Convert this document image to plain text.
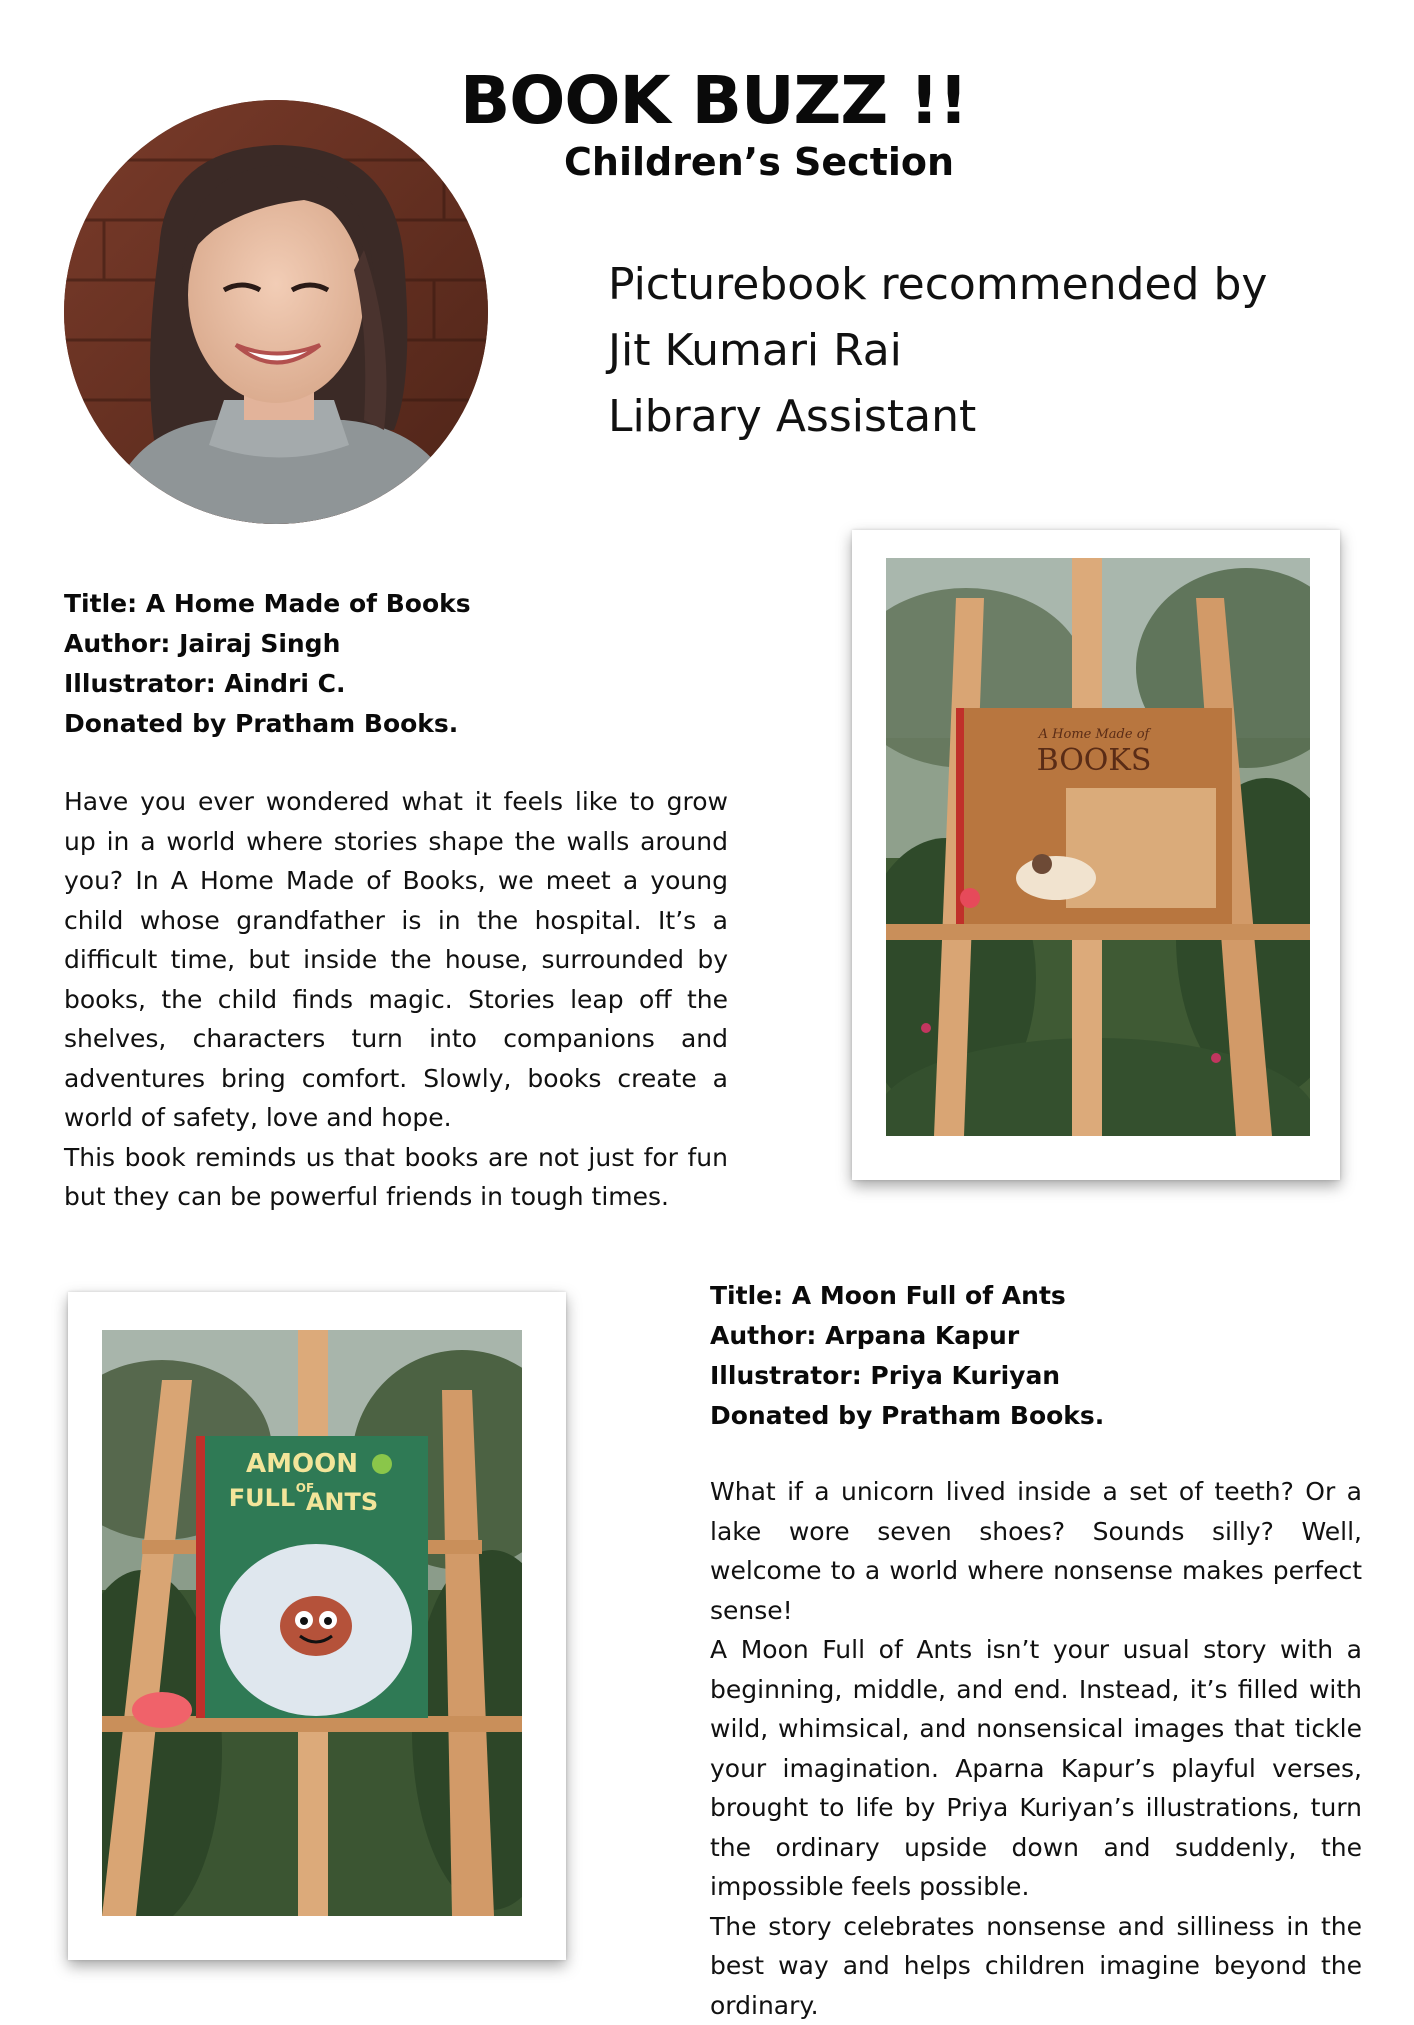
BOOK BUZZ !!
Children’s Section
Picturebook recommended by
Jit Kumari Rai
Library Assistant
Title: A Home Made of Books
Author: Jairaj Singh
Illustrator: Aindri C.
Donated by Pratham Books.

Have you ever wondered what it feels like to grow up in a world where stories shape the walls around you? In A Home Made of Books, we meet a young child whose grandfather is in the hospital. It’s a difficult time, but inside the house, surrounded by books, the child finds magic. Stories leap off the shelves, characters turn into companions and adventures bring comfort. Slowly, books create a world of safety, love and hope.

This book reminds us that books are not just for fun but they can be powerful friends in tough times.

A Home Made of
BOOKS
AMOON
FULL OF
ANTS
Title: A Moon Full of Ants
Author: Arpana Kapur
Illustrator: Priya Kuriyan
Donated by Pratham Books.

What if a unicorn lived inside a set of teeth? Or a lake wore seven shoes? Sounds silly? Well, welcome to a world where nonsense makes perfect sense!

A Moon Full of Ants isn’t your usual story with a beginning, middle, and end. Instead, it’s filled with wild, whimsical, and nonsensical images that tickle your imagination. Aparna Kapur’s playful verses, brought to life by Priya Kuriyan’s illustrations, turn the ordinary upside down and suddenly, the impossible feels possible.

The story celebrates nonsense and silliness in the best way and helps children imagine beyond the ordinary.
